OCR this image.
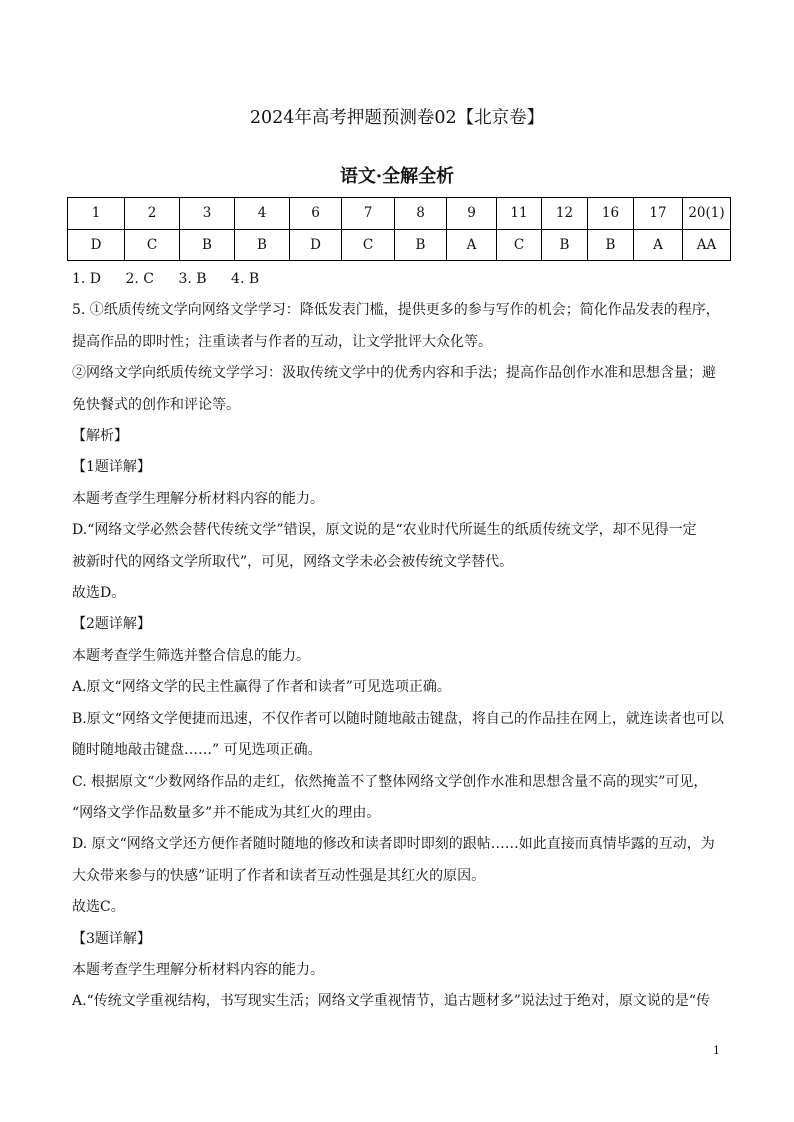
2024年高考押题预测卷02【北京卷】
语文·全解全析
1	2	3	4	6	7	8	9	11	12	16	17	20(1)
D	C	B	B	D	C	B	A	C	B	B	A	AA

1. D 2. C 3. B 4. B

5. ①纸质传统文学向网络文学学习：降低发表门槛，提供更多的参与写作的机会；简化作品发表的程序，

提高作品的即时性；注重读者与作者的互动，让文学批评大众化等。

②网络文学向纸质传统文学学习：汲取传统文学中的优秀内容和手法；提高作品创作水准和思想含量；避

免快餐式的创作和评论等。

【解析】

【1题详解】

本题考查学生理解分析材料内容的能力。

D.“网络文学必然会替代传统文学”错误，原文说的是“农业时代所诞生的纸质传统文学，却不见得一定

被新时代的网络文学所取代”，可见，网络文学未必会被传统文学替代。

故选D。

【2题详解】

本题考查学生筛选并整合信息的能力。

A.原文“网络文学的民主性赢得了作者和读者”可见选项正确。

B.原文“网络文学便捷而迅速，不仅作者可以随时随地敲击键盘，将自己的作品挂在网上，就连读者也可以

随时随地敲击键盘……” 可见选项正确。

C. 根据原文“少数网络作品的走红，依然掩盖不了整体网络文学创作水准和思想含量不高的现实”可见，

“网络文学作品数量多”并不能成为其红火的理由。

D. 原文“网络文学还方便作者随时随地的修改和读者即时即刻的跟帖……如此直接而真情毕露的互动，为

大众带来参与的快感”证明了作者和读者互动性强是其红火的原因。

故选C。

【3题详解】

本题考查学生理解分析材料内容的能力。

A.“传统文学重视结构，书写现实生活；网络文学重视情节，追古题材多”说法过于绝对，原文说的是“传

1
